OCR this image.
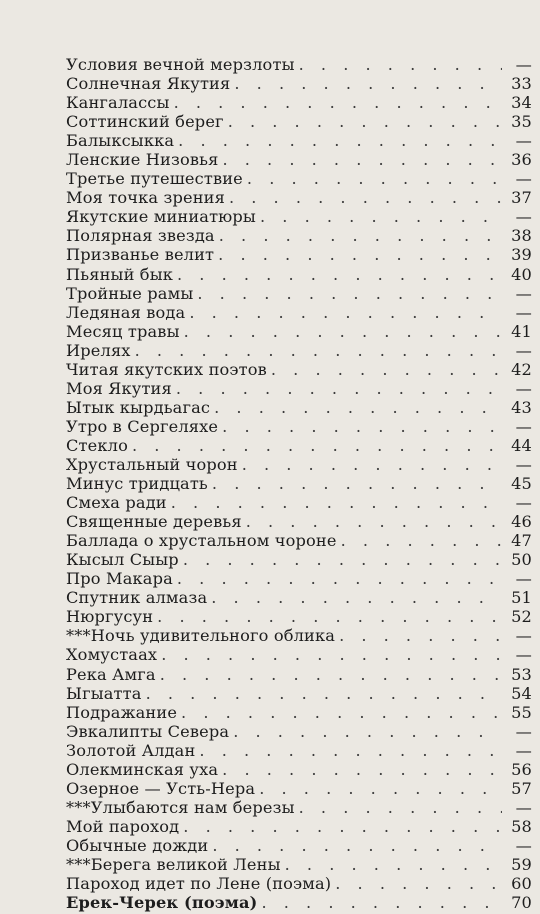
Условия вечной мерзлоты . . .	—
Солнечная Якутия . . .	33
Кангалассы . . .	34
Соттинский берег . . .	35
Балыксыкка . . .	—
Ленские Низовья . . .	36
Третье путешествие . . .	—
Моя точка зрения . . .	37
Якутские миниатюры . . .	—
Полярная звезда . . .	38
Призванье велит . . .	39
Пьяный бык . . .	40
Тройные рамы . . .	—
Ледяная вода . . .	—
Месяц травы . . .	41
Ирелях . . .	—
Читая якутских поэтов . . .	42
Моя Якутия . . .	—
Ытык кырдьагас . . .	43
Утро в Сергеляхе . . .	—
Стекло . . .	44
Хрустальный чорон . . .	—
Минус тридцать . . .	45
Смеха ради . . .	—
Священные деревья . . .	46
Баллада о хрустальном чороне . . .	47
Кысыл Сыыр . . .	50
Про Макара . . .	—
Спутник алмаза . . .	51
Нюргусун . . .	52
***Ночь удивительного облика . . .	—
Хомустаах . . .	—
Река Амга . . .	53
Ыгыатта . . .	54
Подражание . . .	55
Эвкалипты Севера . . .	—
Золотой Алдан . . .	—
Олекминская уха . . .	56
Озерное — Усть-Нера . . .	57
***Улыбаются нам березы . . .	—
Мой пароход . . .	58
Обычные дожди . . .	—
***Берега великой Лены . . .	59
Пароход идет по Лене (поэма) . . .	60
Ерек-Черек (поэма) . . .	70
